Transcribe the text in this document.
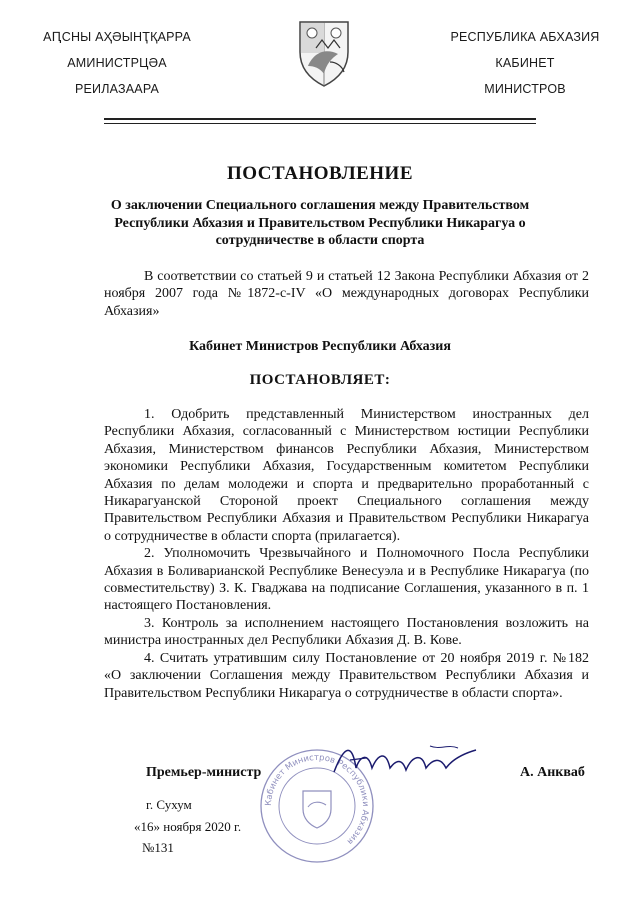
АԤСНЫ АҲӘЫНҬҚАРРА
АМИНИСТРЦӘА
РЕИЛАЗААРА
РЕСПУБЛИКА АБХАЗИЯ
КАБИНЕТ
МИНИСТРОВ
ПОСТАНОВЛЕНИЕ
О заключении Специального соглашения между Правительством Республики Абхазия и Правительством Республики Никарагуа о сотрудничестве в области спорта
В соответствии со статьей 9 и статьей 12 Закона Республики Абхазия от 2 ноября 2007 года №1872-с-IV «О международных договорах Республики Абхазия»
Кабинет Министров Республики Абхазия
ПОСТАНОВЛЯЕТ:

1. Одобрить представленный Министерством иностранных дел Республики Абхазия, согласованный с Министерством юстиции Республики Абхазия, Министерством финансов Республики Абхазия, Министерством экономики Республики Абхазия, Государственным комитетом Республики Абхазия по делам молодежи и спорта и предварительно проработанный с Никарагуанской Стороной проект Специального соглашения между Правительством Республики Абхазия и Правительством Республики Никарагуа о сотрудничестве в области спорта (прилагается).

2. Уполномочить Чрезвычайного и Полномочного Посла Республики Абхазия в Боливарианской Республике Венесуэла и в Республике Никарагуа (по совместительству) З. К. Гваджава на подписание Соглашения, указанного в п. 1 настоящего Постановления.

3. Контроль за исполнением настоящего Постановления возложить на министра иностранных дел Республики Абхазия Д. В. Кове.

4. Считать утратившим силу Постановление от 20 ноября 2019 г. №182 «О заключении Соглашения между Правительством Республики Абхазия и Правительством Республики Никарагуа о сотрудничестве в области спорта».

Кабинет Министров Республики Абхазия
Премьер-министр	А. Анкваб
г. Сухум
«16» ноября 2020 г.
№131
